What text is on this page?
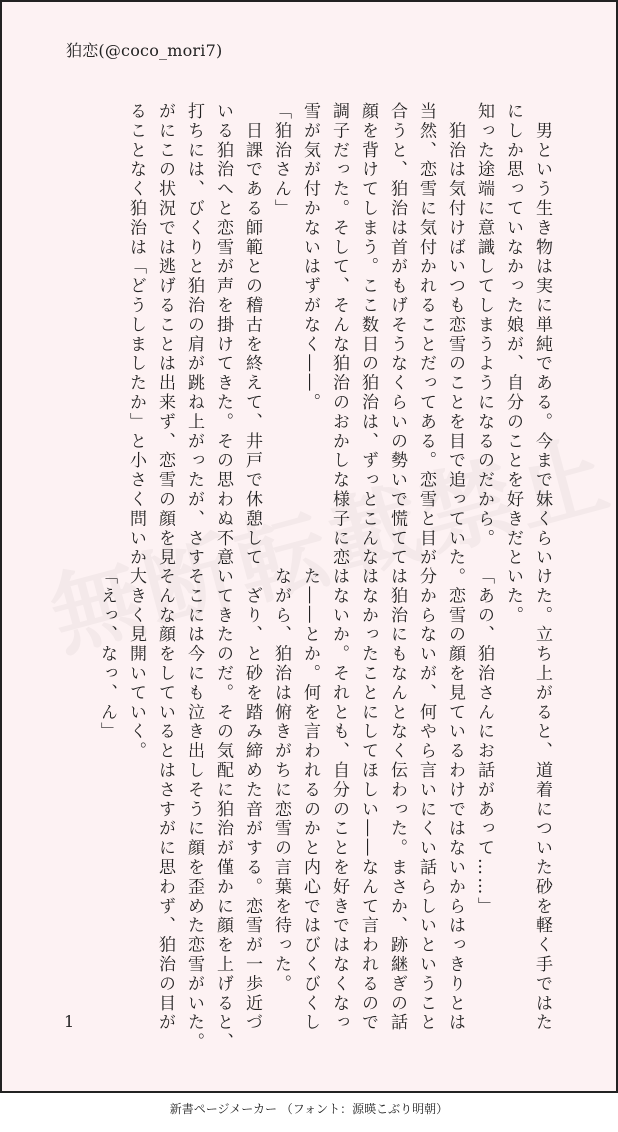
狛恋(@coco_mori7)
　男という生き物は実に単純である。今まで妹くらい
にしか思っていなかった娘が、自分のことを好きだと
知った途端に意識してしまうようになるのだから。
　狛治は気付けばいつも恋雪のことを目で追っていた。
当然、恋雪に気付かれることだってある。恋雪と目が
合うと、狛治は首がもげそうなくらいの勢いで慌てて
顔を背けてしまう。ここ数日の狛治は、ずっとこんな
調子だった。そして、そんな狛治のおかしな様子に恋
雪が気が付かないはずがなく――。
「狛治さん」
　日課である師範との稽古を終えて、井戸で休憩して
いる狛治へと恋雪が声を掛けてきた。その思わぬ不意
打ちには、びくりと狛治の肩が跳ね上がったが、さす
がにこの状況では逃げることは出来ず、恋雪の顔を見
ることなく狛治は「どうしましたか」と小さく問いか
けた。立ち上がると、道着についた砂を軽く手ではた
いた。
「あの、狛治さんにお話があって……」
　恋雪の顔を見ているわけではないからはっきりとは
分からないが、何やら言いにくい話らしいということ
は狛治にもなんとなく伝わった。まさか、跡継ぎの話
はなかったことにしてほしい――なんて言われるので
はないか。それとも、自分のことを好きではなくなっ
た――とか。何を言われるのかと内心ではびくびくし
ながら、狛治は俯きがちに恋雪の言葉を待った。
　ざり、と砂を踏み締めた音がする。恋雪が一歩近づ
いてきたのだ。その気配に狛治が僅かに顔を上げると、
そこには今にも泣き出しそうに顔を歪めた恋雪がいた。
そんな顔をしているとはさすがに思わず、狛治の目が
大きく見開いていく。
「えっ、なっ、ん」
1
新書ページメーカー （フォント：源暎こぶり明朝）
